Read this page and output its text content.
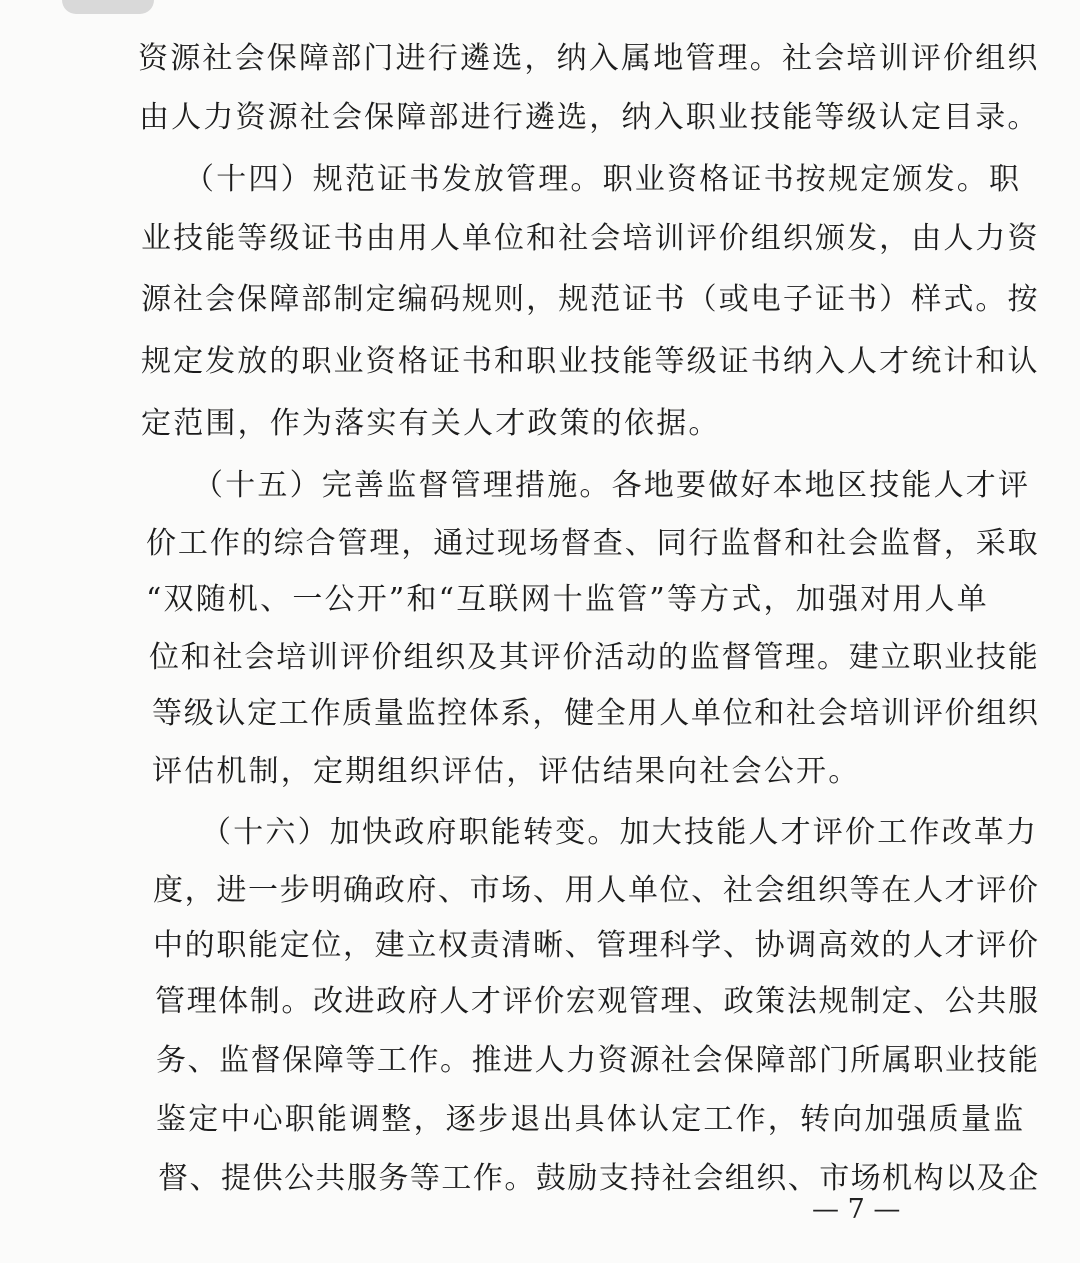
资源社会保障部门进行遴选，纳入属地管理。社会培训评价组织
由人力资源社会保障部进行遴选，纳入职业技能等级认定目录。
（十四）规范证书发放管理。职业资格证书按规定颁发。职
业技能等级证书由用人单位和社会培训评价组织颁发，由人力资
源社会保障部制定编码规则，规范证书（或电子证书）样式。按
规定发放的职业资格证书和职业技能等级证书纳入人才统计和认
定范围，作为落实有关人才政策的依据。
（十五）完善监督管理措施。各地要做好本地区技能人才评
价工作的综合管理，通过现场督查、同行监督和社会监督，采取
“双随机、一公开”和“互联网十监管”等方式，加强对用人单
位和社会培训评价组织及其评价活动的监督管理。建立职业技能
等级认定工作质量监控体系，健全用人单位和社会培训评价组织
评估机制，定期组织评估，评估结果向社会公开。
（十六）加快政府职能转变。加大技能人才评价工作改革力
度，进一步明确政府、市场、用人单位、社会组织等在人才评价
中的职能定位，建立权责清晰、管理科学、协调高效的人才评价
管理体制。改进政府人才评价宏观管理、政策法规制定、公共服
务、监督保障等工作。推进人力资源社会保障部门所属职业技能
鉴定中心职能调整，逐步退出具体认定工作，转向加强质量监
督、提供公共服务等工作。鼓励支持社会组织、市场机构以及企
— 7 —
